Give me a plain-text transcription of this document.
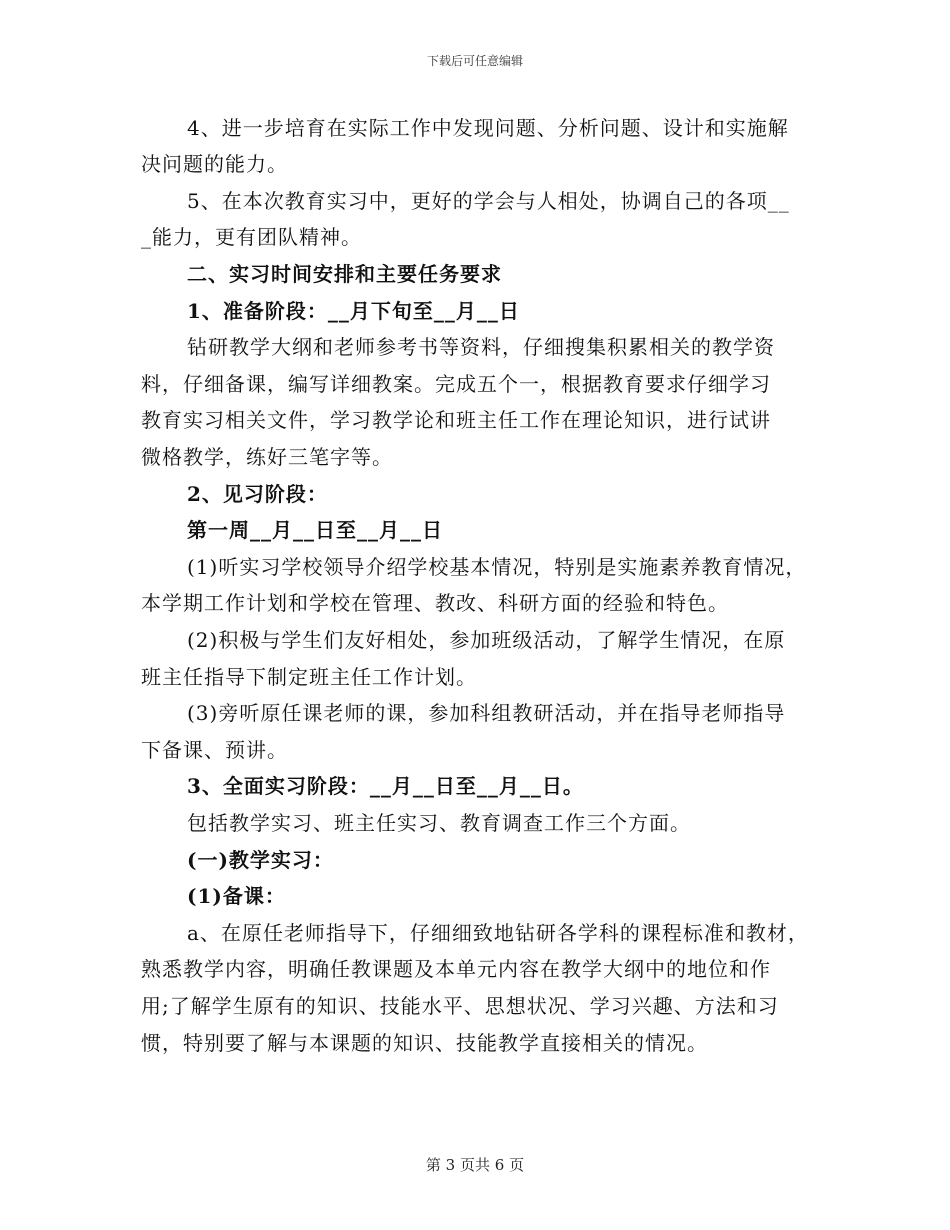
下载后可任意编辑
4、进一步培育在实际工作中发现问题、分析问题、设计和实施解
决问题的能力。
5、在本次教育实习中，更好的学会与人相处，协调自己的各项__
_能力，更有团队精神。
二、实习时间安排和主要任务要求
1、准备阶段：__月下旬至__月__日
钻研教学大纲和老师参考书等资料，仔细搜集积累相关的教学资
料，仔细备课，编写详细教案。完成五个一，根据教育要求仔细学习
教育实习相关文件，学习教学论和班主任工作在理论知识，进行试讲
微格教学，练好三笔字等。
2、见习阶段：
第一周__月__日至__月__日
(1)听实习学校领导介绍学校基本情况，特别是实施素养教育情况，
本学期工作计划和学校在管理、教改、科研方面的经验和特色。
(2)积极与学生们友好相处，参加班级活动，了解学生情况，在原
班主任指导下制定班主任工作计划。
(3)旁听原任课老师的课，参加科组教研活动，并在指导老师指导
下备课、预讲。
3、全面实习阶段：__月__日至__月__日。
包括教学实习、班主任实习、教育调查工作三个方面。
(一)教学实习：
(1)备课：
a、在原任老师指导下，仔细细致地钻研各学科的课程标准和教材，
熟悉教学内容，明确任教课题及本单元内容在教学大纲中的地位和作
用;了解学生原有的知识、技能水平、思想状况、学习兴趣、方法和习
惯，特别要了解与本课题的知识、技能教学直接相关的情况。
第 3 页共 6 页
